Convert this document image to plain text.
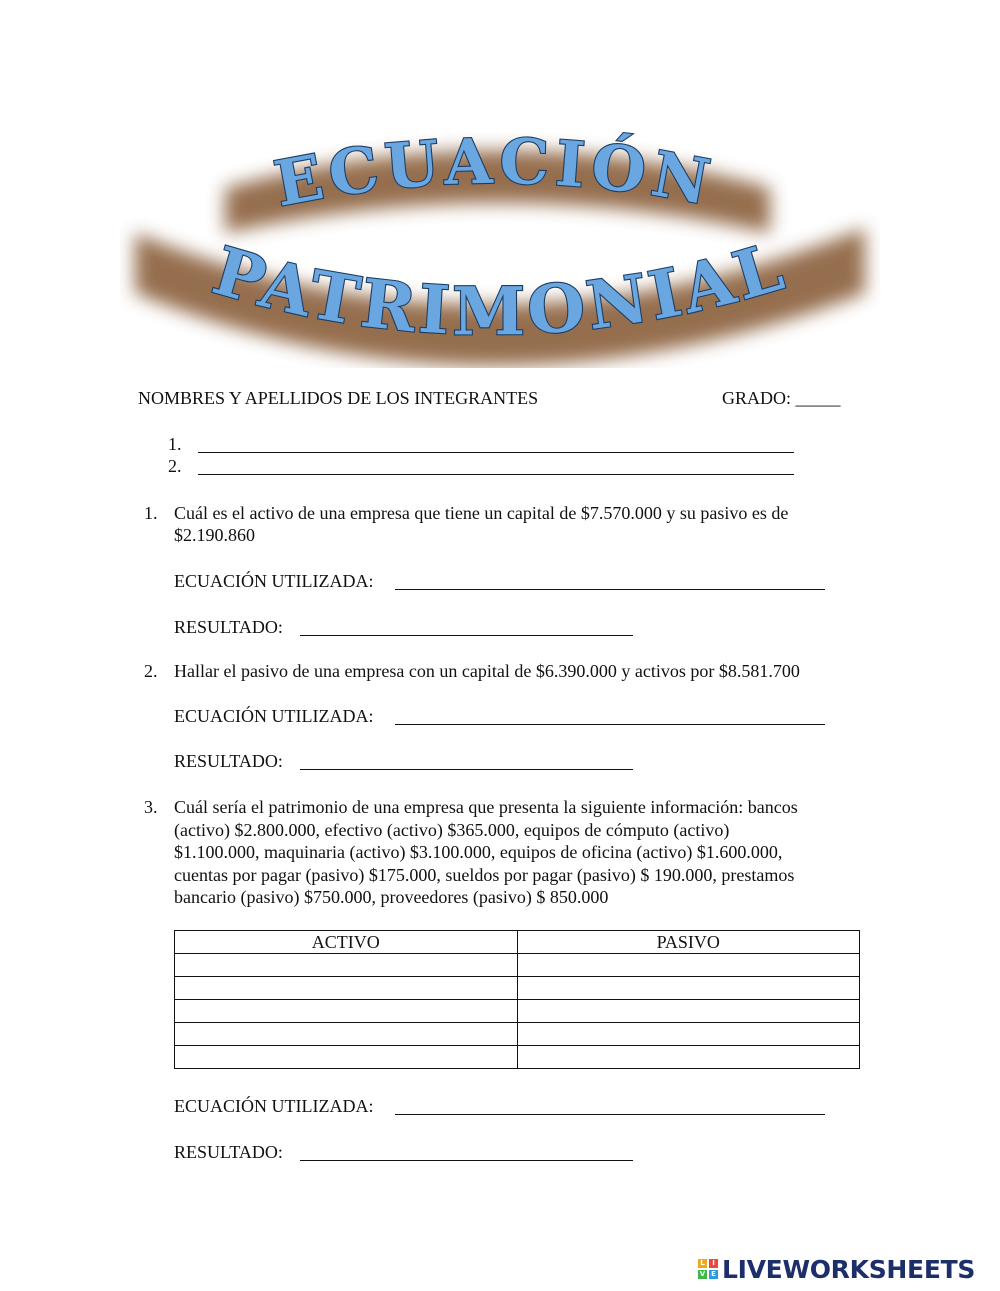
ECUACIÓN
PATRIMONIAL
NOMBRES Y APELLIDOS DE LOS INTEGRANTES	GRADO: _____
1.
2.
1. Cuál es el activo de una empresa que tiene un capital de $7.570.000 y su pasivo es de
$2.190.860
ECUACIÓN UTILIZADA:
RESULTADO:
2. Hallar el pasivo de una empresa con un capital de $6.390.000 y activos por $8.581.700
ECUACIÓN UTILIZADA:
RESULTADO:
3. Cuál sería el patrimonio de una empresa que presenta la siguiente información: bancos
(activo) $2.800.000, efectivo (activo) $365.000, equipos de cómputo (activo)
$1.100.000, maquinaria (activo) $3.100.000, equipos de oficina (activo) $1.600.000,
cuentas por pagar (pasivo) $175.000, sueldos por pagar (pasivo) $ 190.000, prestamos
bancario (pasivo) $750.000, proveedores (pasivo) $ 850.000
ACTIVO	PASIVO

ECUACIÓN UTILIZADA:
RESULTADO:
L	I
V E LIVEWORKSHEETS
